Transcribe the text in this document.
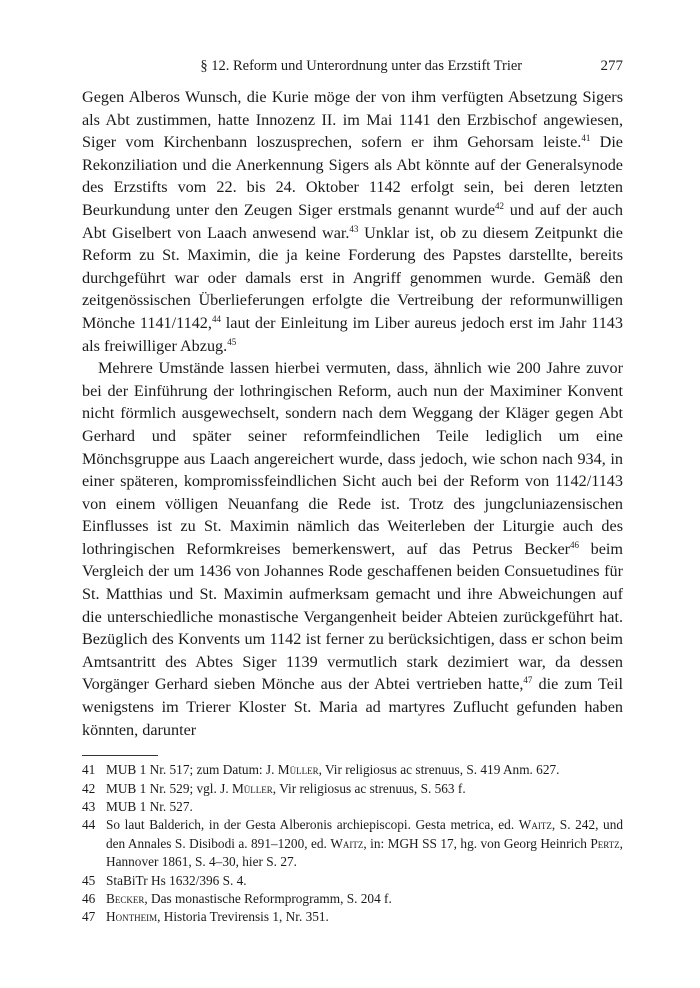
§ 12. Reform und Unterordnung unter das Erzstift Trier	277

Gegen Alberos Wunsch, die Kurie möge der von ihm verfügten Absetzung Sigers als Abt zustimmen, hatte Innozenz II. im Mai 1141 den Erzbischof angewiesen, Siger vom Kirchenbann loszusprechen, sofern er ihm Gehorsam leiste.$^{41}$ Die Rekonziliation und die Anerkennung Sigers als Abt könnte auf der Generalsynode des Erzstifts vom 22. bis 24. Oktober 1142 erfolgt sein, bei deren letzten Beurkundung unter den Zeugen Siger erstmals genannt wurde$^{42}$ und auf der auch Abt Giselbert von Laach anwesend war.$^{43}$ Unklar ist, ob zu diesem Zeitpunkt die Reform zu St. Maximin, die ja keine Forderung des Papstes darstellte, bereits durchgeführt war oder damals erst in Angriff genommen wurde. Gemäß den zeitgenössischen Überlieferungen erfolgte die Vertreibung der reformunwilligen Mönche 1141/1142,44 laut der Einleitung im Liber aureus jedoch erst im Jahr 1143 als freiwilliger Abzug.$^{45}$

Mehrere Umstände lassen hierbei vermuten, dass, ähnlich wie 200 Jahre zuvor bei der Einführung der lothringischen Reform, auch nun der Maximiner Konvent nicht förmlich ausgewechselt, sondern nach dem Weggang der Kläger gegen Abt Gerhard und später seiner reformfeindlichen Teile lediglich um eine Mönchsgruppe aus Laach angereichert wurde, dass jedoch, wie schon nach 934, in einer späteren, kompromissfeindlichen Sicht auch bei der Reform von 1142/1143 von einem völligen Neuanfang die Rede ist. Trotz des jungcluniazensischen Einflusses ist zu St. Maximin nämlich das Weiterleben der Liturgie auch des lothringischen Reformkreises bemerkenswert, auf das Petrus Becker$^{46}$ beim Vergleich der um 1436 von Johannes Rode geschaffenen beiden Consuetudines für St. Matthias und St. Maximin aufmerksam gemacht und ihre Abweichungen auf die unterschiedliche monastische Vergangenheit beider Abteien zurückgeführt hat. Bezüglich des Konvents um 1142 ist ferner zu berücksichtigen, dass er schon beim Amtsantritt des Abtes Siger 1139 vermutlich stark dezimiert war, da dessen Vorgänger Gerhard sieben Mönche aus der Abtei vertrieben hatte,$^{47}$ die zum Teil wenigstens im Trierer Kloster St. Maria ad martyres Zuflucht gefunden haben könnten, darunter

41 MUB 1 Nr. 517; zum Datum: J. Müller, Vir religiosus ac strenuus, S. 419 Anm. 627.
42 MUB 1 Nr. 529; vgl. J. Müller, Vir religiosus ac strenuus, S. 563 f.
43 MUB 1 Nr. 527.
44 So laut Balderich, in der Gesta Alberonis archiepiscopi. Gesta metrica, ed. Waitz, S. 242, und den Annales S. Disibodi a. 891–1200, ed. Waitz, in: MGH SS 17, hg. von Georg Heinrich Pertz, Hannover 1861, S. 4–30, hier S. 27.
45 StaBiTr Hs 1632/396 S. 4.
46 Becker, Das monastische Reformprogramm, S. 204 f.
47 Hontheim, Historia Trevirensis 1, Nr. 351.
